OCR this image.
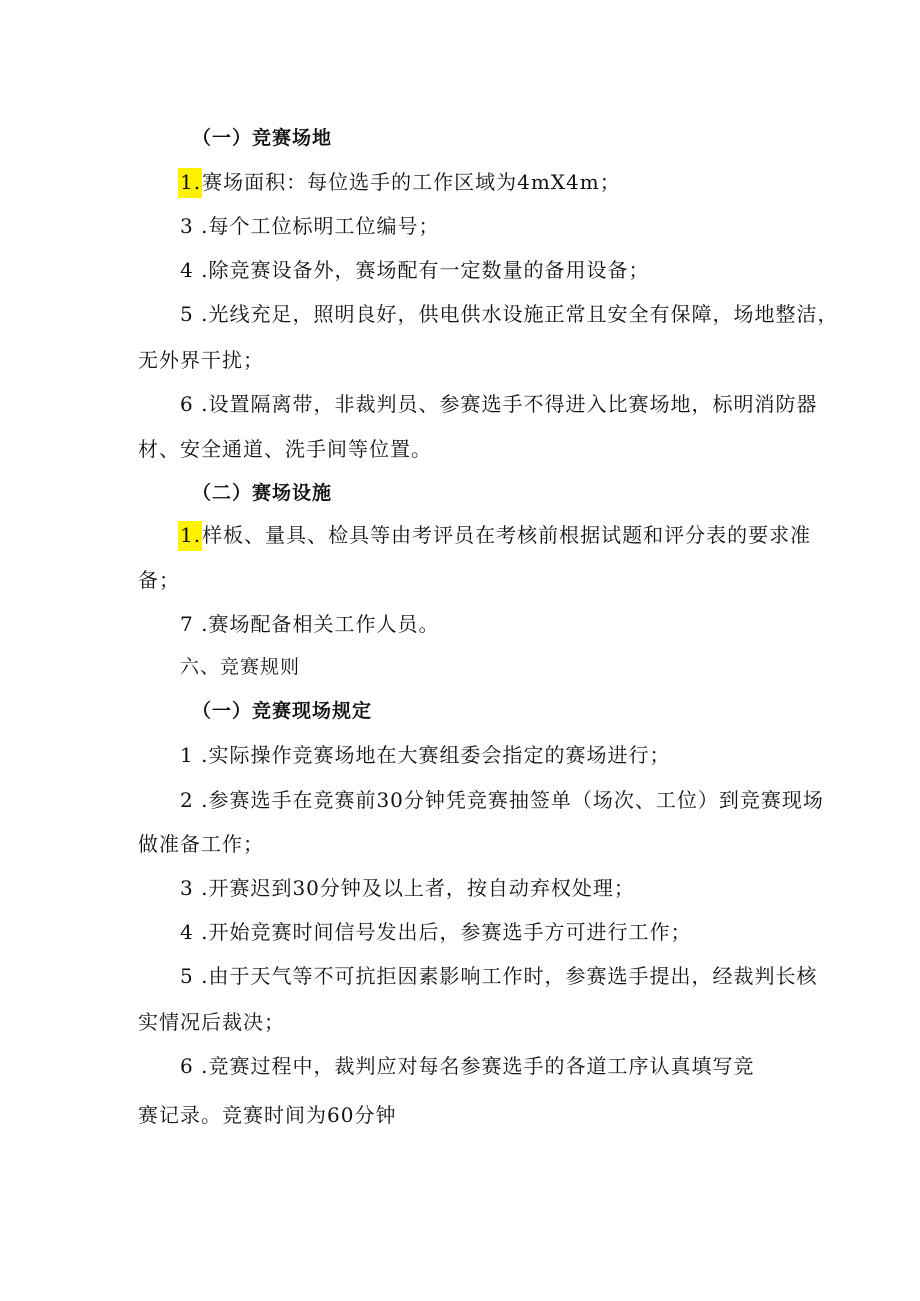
（一）竞赛场地
1.赛场面积：每位选手的工作区域为4mX4m；
3 .每个工位标明工位编号；
4 .除竞赛设备外，赛场配有一定数量的备用设备；
5 .光线充足，照明良好，供电供水设施正常且安全有保障，场地整洁，
无外界干扰；
6 .设置隔离带，非裁判员、参赛选手不得进入比赛场地，标明消防器
材、安全通道、洗手间等位置。
（二）赛场设施
1.样板、量具、检具等由考评员在考核前根据试题和评分表的要求准
备；
7 .赛场配备相关工作人员。
六、竞赛规则
（一）竞赛现场规定
1 .实际操作竞赛场地在大赛组委会指定的赛场进行；
2 .参赛选手在竞赛前30分钟凭竞赛抽签单（场次、工位）到竞赛现场
做准备工作；
3 .开赛迟到30分钟及以上者，按自动弃权处理；
4 .开始竞赛时间信号发出后，参赛选手方可进行工作；
5 .由于天气等不可抗拒因素影响工作时，参赛选手提出，经裁判长核
实情况后裁决；
6 .竞赛过程中，裁判应对每名参赛选手的各道工序认真填写竞
赛记录。竞赛时间为60分钟
